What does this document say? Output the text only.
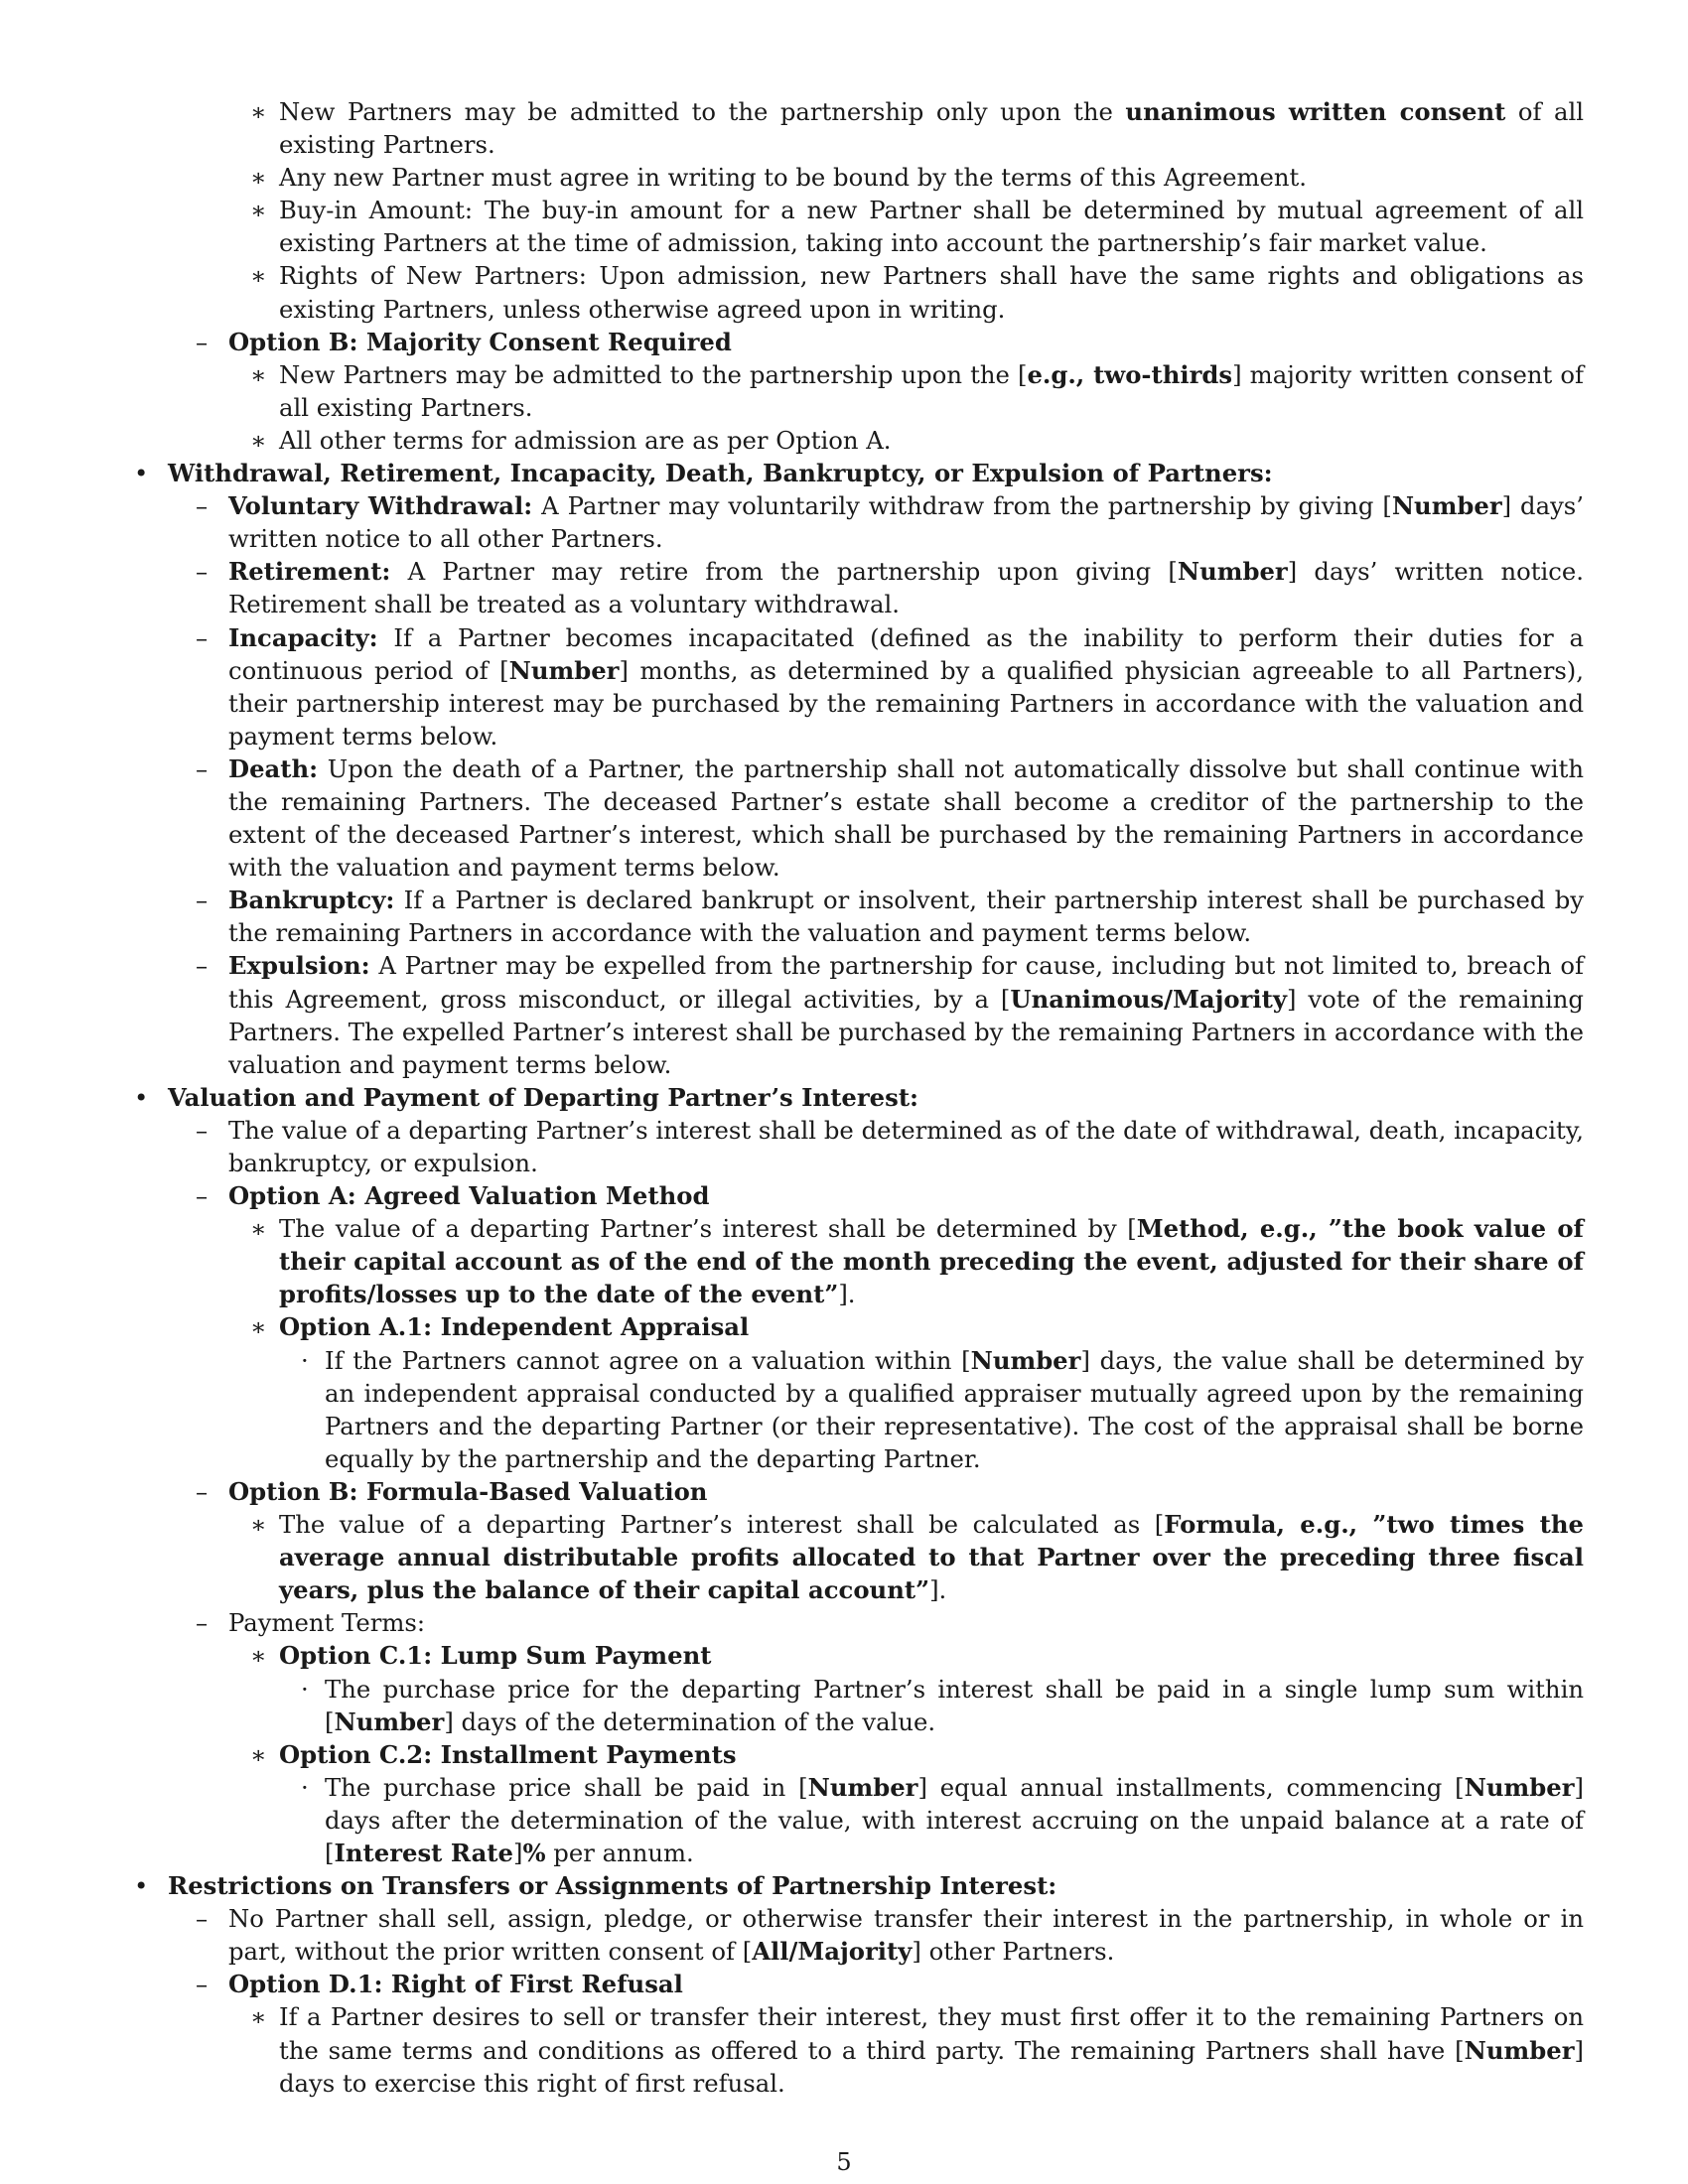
∗ New Partners may be admitted to the partnership only upon the unanimous written consent of all existing Partners.
∗ Any new Partner must agree in writing to be bound by the terms of this Agreement.
∗ Buy-in Amount: The buy-in amount for a new Partner shall be determined by mutual agreement of all existing Partners at the time of admission, taking into account the partnership’s fair market value.
∗ Rights of New Partners: Upon admission, new Partners shall have the same rights and obligations as existing Partners, unless otherwise agreed upon in writing.
– Option B: Majority Consent Required
∗ New Partners may be admitted to the partnership upon the [e.g., two-thirds] majority written consent of all existing Partners.
∗ All other terms for admission are as per Option A.
• Withdrawal, Retirement, Incapacity, Death, Bankruptcy, or Expulsion of Partners:
– Voluntary Withdrawal: A Partner may voluntarily withdraw from the partnership by giving [Number] days’ written notice to all other Partners.
– Retirement: A Partner may retire from the partnership upon giving [Number] days’ written notice. Retirement shall be treated as a voluntary withdrawal.
– Incapacity: If a Partner becomes incapacitated (defined as the inability to perform their duties for a continuous period of [Number] months, as determined by a qualified physician agreeable to all Partners), their partnership interest may be purchased by the remaining Partners in accordance with the valuation and payment terms below.
– Death: Upon the death of a Partner, the partnership shall not automatically dissolve but shall continue with the remaining Partners. The deceased Partner’s estate shall become a creditor of the partnership to the extent of the deceased Partner’s interest, which shall be purchased by the remaining Partners in accordance with the valuation and payment terms below.
– Bankruptcy: If a Partner is declared bankrupt or insolvent, their partnership interest shall be purchased by the remaining Partners in accordance with the valuation and payment terms below.
– Expulsion: A Partner may be expelled from the partnership for cause, including but not limited to, breach of this Agreement, gross misconduct, or illegal activities, by a [Unanimous/Majority] vote of the remaining Partners. The expelled Partner’s interest shall be purchased by the remaining Partners in accordance with the valuation and payment terms below.
• Valuation and Payment of Departing Partner’s Interest:
– The value of a departing Partner’s interest shall be determined as of the date of withdrawal, death, incapacity, bankruptcy, or expulsion.
– Option A: Agreed Valuation Method
∗ The value of a departing Partner’s interest shall be determined by [Method, e.g., ”the book value of their capital account as of the end of the month preceding the event, adjusted for their share of profits/losses up to the date of the event”].
∗ Option A.1: Independent Appraisal
· If the Partners cannot agree on a valuation within [Number] days, the value shall be determined by an independent appraisal conducted by a qualified appraiser mutually agreed upon by the remaining Partners and the departing Partner (or their representative). The cost of the appraisal shall be borne equally by the partnership and the departing Partner.
– Option B: Formula-Based Valuation
∗ The value of a departing Partner’s interest shall be calculated as [Formula, e.g., ”two times the average annual distributable profits allocated to that Partner over the preceding three fiscal years, plus the balance of their capital account”].
– Payment Terms:
∗ Option C.1: Lump Sum Payment
· The purchase price for the departing Partner’s interest shall be paid in a single lump sum within [Number] days of the determination of the value.
∗ Option C.2: Installment Payments
· The purchase price shall be paid in [Number] equal annual installments, commencing [Number] days after the determination of the value, with interest accruing on the unpaid balance at a rate of [Interest Rate]% per annum.
• Restrictions on Transfers or Assignments of Partnership Interest:
– No Partner shall sell, assign, pledge, or otherwise transfer their interest in the partnership, in whole or in part, without the prior written consent of [All/Majority] other Partners.
– Option D.1: Right of First Refusal
∗ If a Partner desires to sell or transfer their interest, they must first offer it to the remaining Partners on the same terms and conditions as offered to a third party. The remaining Partners shall have [Number] days to exercise this right of first refusal.
5
